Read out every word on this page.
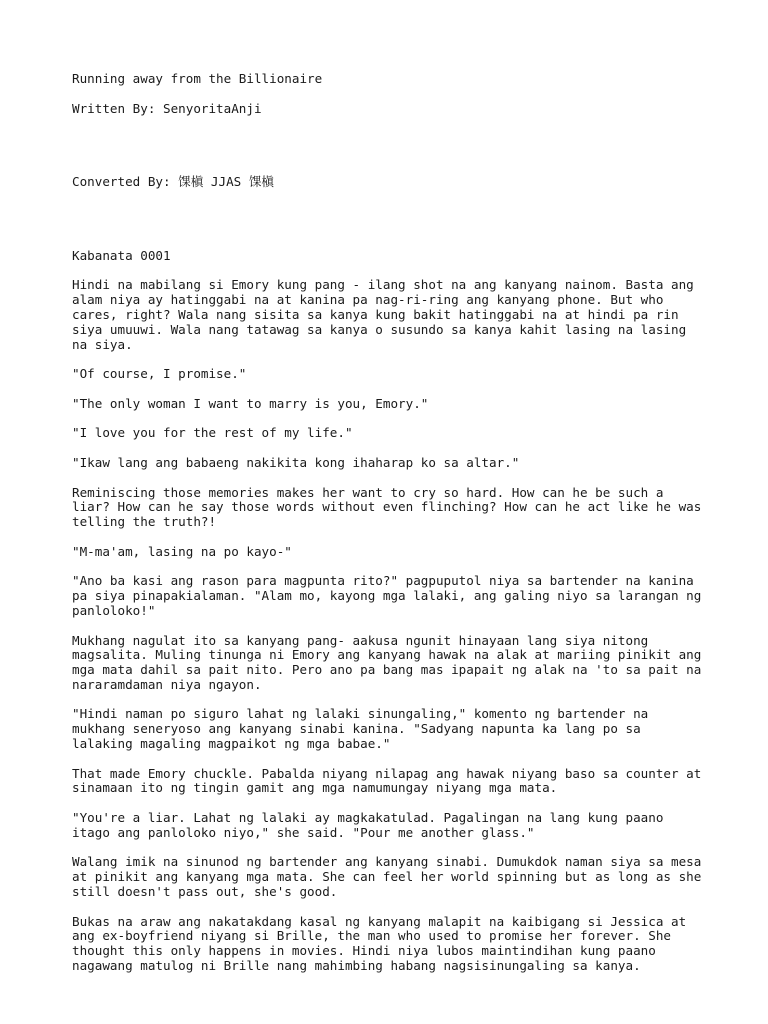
Running away from the Billionaire

Written By: SenyoritaAnji

Converted By: 馃槇 JJAS 馃槇

Kabanata 0001

Hindi na mabilang si Emory kung pang - ilang shot na ang kanyang nainom. Basta ang
alam niya ay hatinggabi na at kanina pa nag-ri-ring ang kanyang phone. But who
cares, right? Wala nang sisita sa kanya kung bakit hatinggabi na at hindi pa rin
siya umuuwi. Wala nang tatawag sa kanya o susundo sa kanya kahit lasing na lasing
na siya.

"Of course, I promise."

"The only woman I want to marry is you, Emory."

"I love you for the rest of my life."

"Ikaw lang ang babaeng nakikita kong ihaharap ko sa altar."

Reminiscing those memories makes her want to cry so hard. How can he be such a
liar? How can he say those words without even flinching? How can he act like he was
telling the truth?!

"M-ma'am, lasing na po kayo-"

"Ano ba kasi ang rason para magpunta rito?" pagpuputol niya sa bartender na kanina
pa siya pinapakialaman. "Alam mo, kayong mga lalaki, ang galing niyo sa larangan ng
panloloko!"

Mukhang nagulat ito sa kanyang pang- aakusa ngunit hinayaan lang siya nitong
magsalita. Muling tinunga ni Emory ang kanyang hawak na alak at mariing pinikit ang
mga mata dahil sa pait nito. Pero ano pa bang mas ipapait ng alak na 'to sa pait na
nararamdaman niya ngayon.

"Hindi naman po siguro lahat ng lalaki sinungaling," komento ng bartender na
mukhang seneryoso ang kanyang sinabi kanina. "Sadyang napunta ka lang po sa
lalaking magaling magpaikot ng mga babae."

That made Emory chuckle. Pabalda niyang nilapag ang hawak niyang baso sa counter at
sinamaan ito ng tingin gamit ang mga namumungay niyang mga mata.

"You're a liar. Lahat ng lalaki ay magkakatulad. Pagalingan na lang kung paano
itago ang panloloko niyo," she said. "Pour me another glass."

Walang imik na sinunod ng bartender ang kanyang sinabi. Dumukdok naman siya sa mesa
at pinikit ang kanyang mga mata. She can feel her world spinning but as long as she
still doesn't pass out, she's good.

Bukas na araw ang nakatakdang kasal ng kanyang malapit na kaibigang si Jessica at
ang ex-boyfriend niyang si Brille, the man who used to promise her forever. She
thought this only happens in movies. Hindi niya lubos maintindihan kung paano
nagawang matulog ni Brille nang mahimbing habang nagsisinungaling sa kanya.
